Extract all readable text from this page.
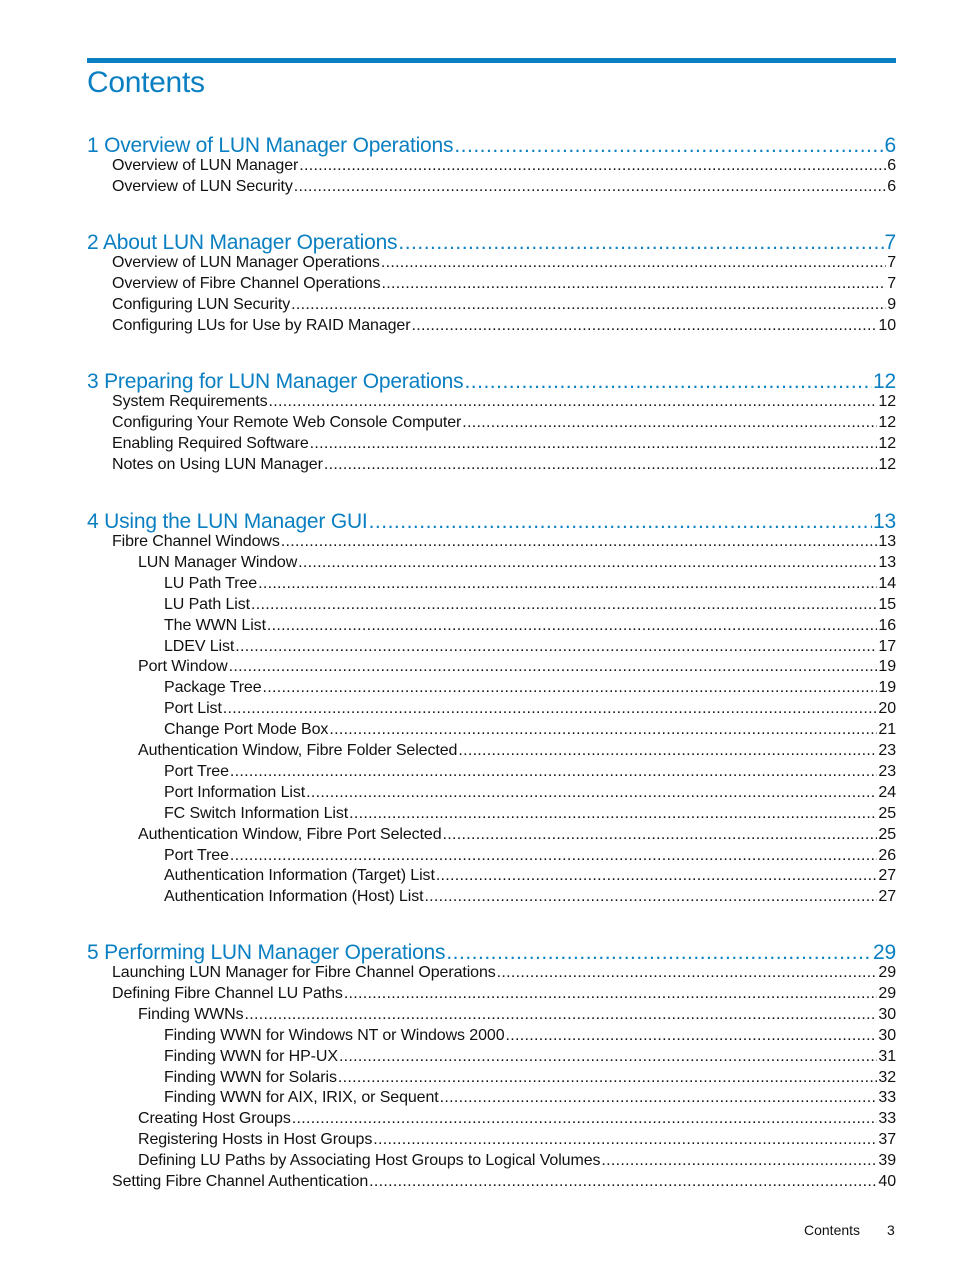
Contents
1 Overview of LUN Manager Operations .....	6
Overview of LUN Manager .....	6
Overview of LUN Security .....	6
2 About LUN Manager Operations .....	7
Overview of LUN Manager Operations .....	7
Overview of Fibre Channel Operations .....	7
Configuring LUN Security .....	9
Configuring LUs for Use by RAID Manager .....	10
3 Preparing for LUN Manager Operations .....	12
System Requirements .....	12
Configuring Your Remote Web Console Computer .....	12
Enabling Required Software .....	12
Notes on Using LUN Manager .....	12
4 Using the LUN Manager GUI .....	13
Fibre Channel Windows .....	13
LUN Manager Window .....	13
LU Path Tree .....	14
LU Path List .....	15
The WWN List .....	16
LDEV List .....	17
Port Window .....	19
Package Tree .....	19
Port List .....	20
Change Port Mode Box .....	21
Authentication Window, Fibre Folder Selected .....	23
Port Tree .....	23
Port Information List .....	24
FC Switch Information List .....	25
Authentication Window, Fibre Port Selected .....	25
Port Tree .....	26
Authentication Information (Target) List .....	27
Authentication Information (Host) List .....	27
5 Performing LUN Manager Operations .....	29
Launching LUN Manager for Fibre Channel Operations .....	29
Defining Fibre Channel LU Paths .....	29
Finding WWNs .....	30
Finding WWN for Windows NT or Windows 2000 .....	30
Finding WWN for HP-UX .....	31
Finding WWN for Solaris .....	32
Finding WWN for AIX, IRIX, or Sequent .....	33
Creating Host Groups .....	33
Registering Hosts in Host Groups .....	37
Defining LU Paths by Associating Host Groups to Logical Volumes .....	39
Setting Fibre Channel Authentication .....	40
Contents 3
